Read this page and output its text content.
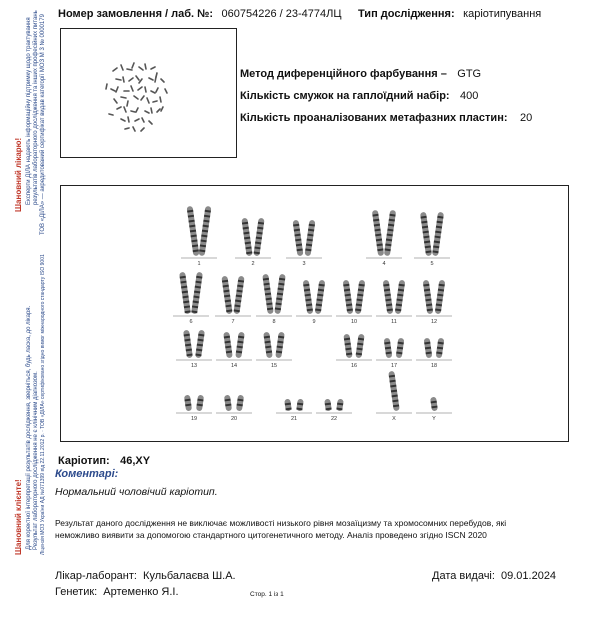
Шановний лікарю! Експерти ДІЛА надають інформаційну підтримку щодо трактування результатів лабораторного дослідження та інших професійних питань ТОВ «ДІЛА» — акредитований сертифікат видав категорії МОЗ М 3 № 0000179
Шановний клієнте! Для коректної інтерпретації результатів дослідження, зверніться, будь ласка, до лікаря. Результат лабораторного дослідження не є клінічним діагнозом. Ліцензія МОЗ України АД №071399 від 22.11.2012 р. · ТОВ «ДІЛА» сертифіковано згідно вимог міжнародного стандарту ISO 9001
Номер замовлення / лаб. №: 060754226 / 23-4774ЛЦ Тип дослідження: каріотипування
Метод диференційного фарбування – GTG
Кількість смужок на гаплоїдний набір: 400
Кількість проаналізованих метафазних пластин: 20
1	2	3	4	5
6	7	8	9	10	11	12
13	14	15	16	17	18
19	20	21	22	X	Y
Каріотип: 46,XY
Коментарі:
Нормальний чоловічий каріотип.
Результат даного дослідження не виключає можливості низького рівня мозаїцизму та хромосомних перебудов, які неможливо виявити за допомогою стандартного цитогенетичного методу. Аналіз проведено згідно ISCN 2020
Лікар-лаборант: Кульбалаєва Ш.А.
Генетик: Артеменко Я.І.	Стор. 1 із 1
Дата видачі: 09.01.2024
